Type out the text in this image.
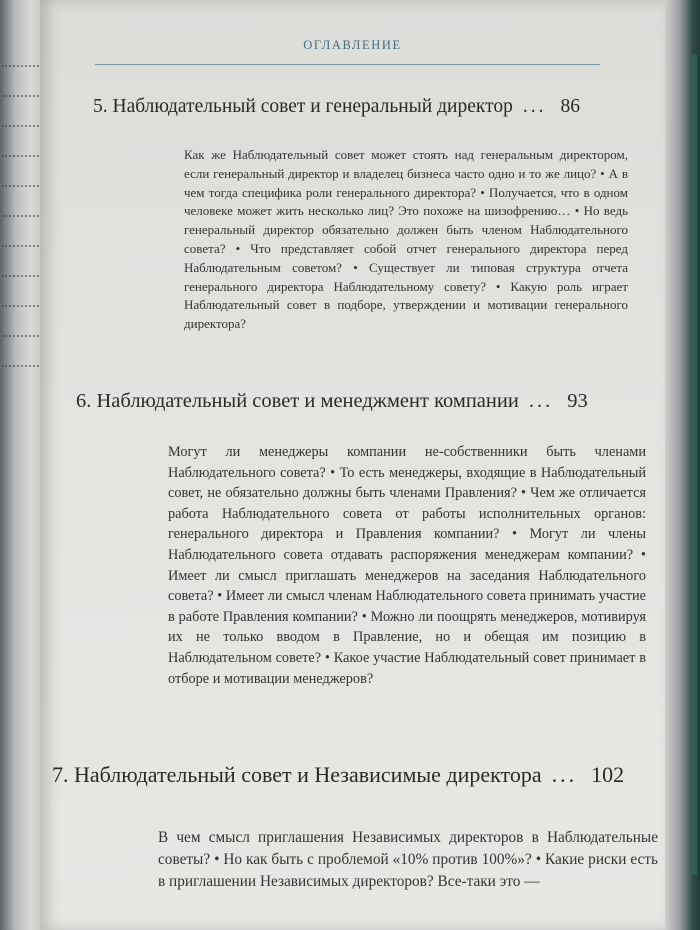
ОГЛАВЛЕНИЕ
5. Наблюдательный совет и генеральный директор ... 86
Как же Наблюдательный совет может стоять над генеральным директором, если генеральный директор и владелец бизнеса часто одно и то же лицо? • А в чем тогда специфика роли генерального директора? • Получается, что в одном человеке может жить несколько лиц? Это похоже на шизофрению… • Но ведь генеральный директор обязательно должен быть членом Наблюдательного совета? • Что представляет собой отчет генерального директора перед Наблюдательным советом? • Существует ли типовая структура отчета генерального директора Наблюдательному совету? • Какую роль играет Наблюдательный совет в подборе, утверждении и мотивации генерального директора?
6. Наблюдательный совет и менеджмент компании ... 93
Могут ли менеджеры компании не-собственники быть членами Наблюдательного совета? • То есть менеджеры, входящие в Наблюдательный совет, не обязательно должны быть членами Правления? • Чем же отличается работа Наблюдательного совета от работы исполнительных органов: генерального директора и Правления компании? • Могут ли члены Наблюдательного совета отдавать распоряжения менеджерам компании? • Имеет ли смысл приглашать менеджеров на заседания Наблюдательного совета? • Имеет ли смысл членам Наблюдательного совета принимать участие в работе Правления компании? • Можно ли поощрять менеджеров, мотивируя их не только вводом в Правление, но и обещая им позицию в Наблюдательном совете? • Какое участие Наблюдательный совет принимает в отборе и мотивации менеджеров?
7. Наблюдательный совет и Независимые директора ... 102
В чем смысл приглашения Независимых директоров в Наблюдательные советы? • Но как быть с проблемой «10% против 100%»? • Какие риски есть в приглашении Независимых директоров? Все-таки это —
